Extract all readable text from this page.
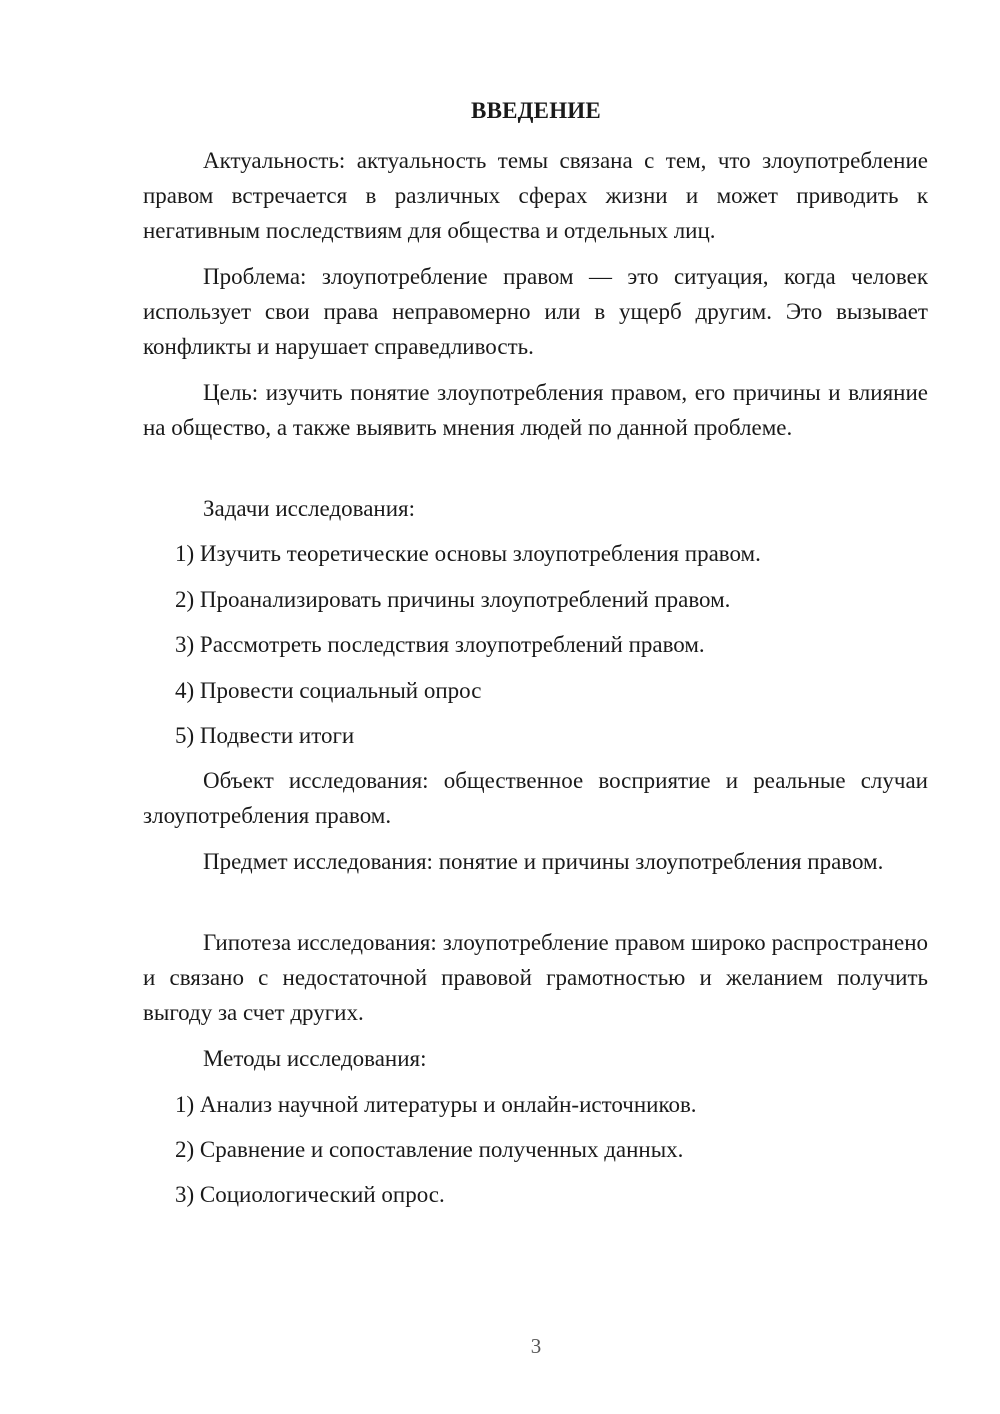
ВВЕДЕНИЕ

Актуальность: актуальность темы связана с тем, что злоупотребление правом встречается в различных сферах жизни и может приводить к негативным последствиям для общества и отдельных лиц.

Проблема: злоупотребление правом — это ситуация, когда человек использует свои права неправомерно или в ущерб другим. Это вызывает конфликты и нарушает справедливость.

Цель: изучить понятие злоупотребления правом, его причины и влияние на общество, а также выявить мнения людей по данной проблеме.

Задачи исследования:

1) Изучить теоретические основы злоупотребления правом.

2) Проанализировать причины злоупотреблений правом.

3) Рассмотреть последствия злоупотреблений правом.

4) Провести социальный опрос

5) Подвести итоги

Объект исследования: общественное восприятие и реальные случаи злоупотребления правом.

Предмет исследования: понятие и причины злоупотребления правом.

Гипотеза исследования: злоупотребление правом широко распространено и связано с недостаточной правовой грамотностью и желанием получить выгоду за счет других.

Методы исследования:

1) Анализ научной литературы и онлайн-источников.

2) Сравнение и сопоставление полученных данных.

3) Социологический опрос.

3
